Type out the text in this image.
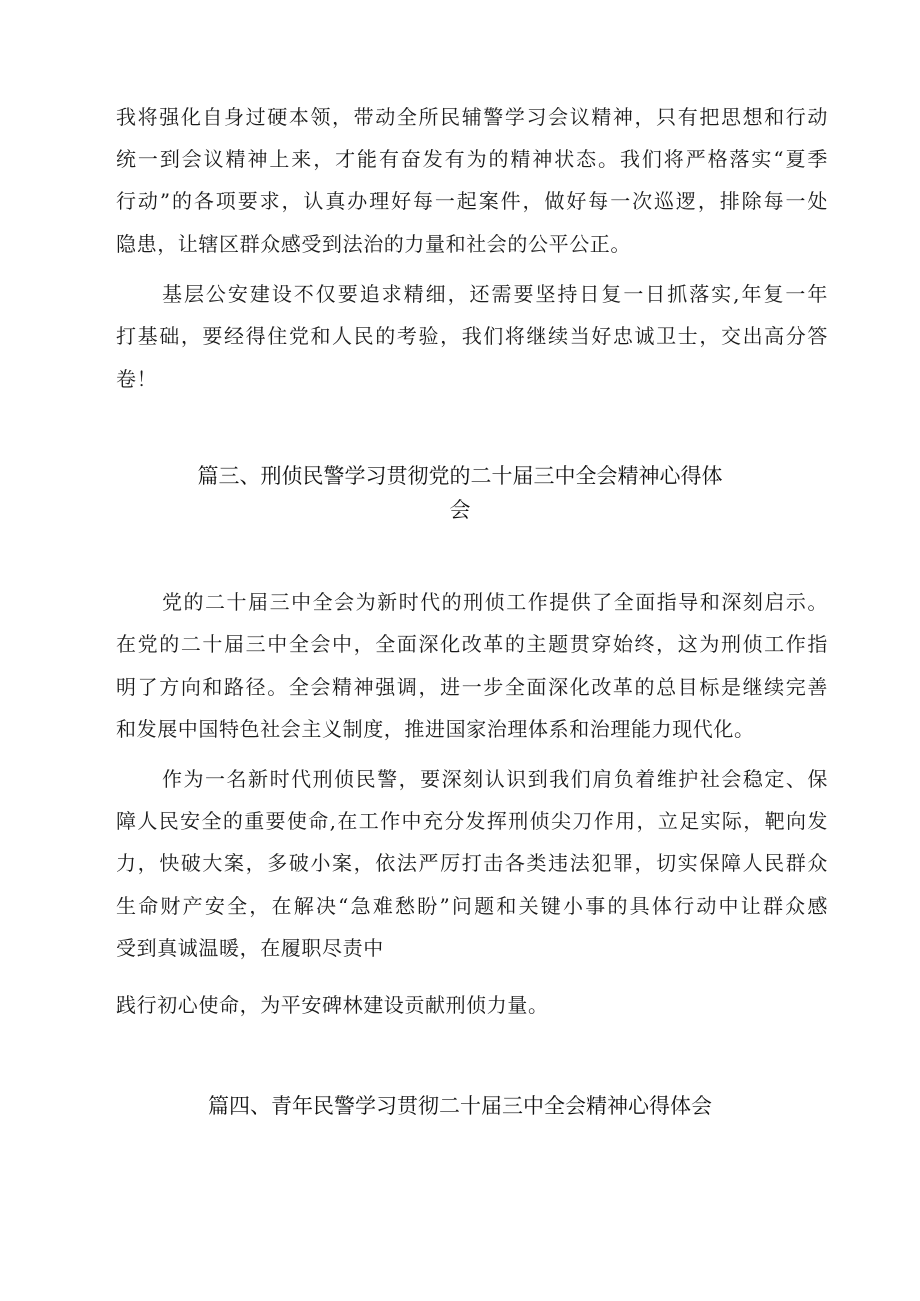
我将强化自身过硬本领，带动全所民辅警学习会议精神，只有把思想和行动
统一到会议精神上来，才能有奋发有为的精神状态。我们将严格落实“夏季
行动”的各项要求，认真办理好每一起案件，做好每一次巡逻，排除每一处
隐患，让辖区群众感受到法治的力量和社会的公平公正。
基层公安建设不仅要追求精细，还需要坚持日复一日抓落实,年复一年
打基础，要经得住党和人民的考验，我们将继续当好忠诚卫士，交出高分答
卷！
篇三、刑侦民警学习贯彻党的二十届三中全会精神心得体
会
党的二十届三中全会为新时代的刑侦工作提供了全面指导和深刻启示。
在党的二十届三中全会中，全面深化改革的主题贯穿始终，这为刑侦工作指
明了方向和路径。全会精神强调，进一步全面深化改革的总目标是继续完善
和发展中国特色社会主义制度，推进国家治理体系和治理能力现代化。
作为一名新时代刑侦民警，要深刻认识到我们肩负着维护社会稳定、保
障人民安全的重要使命,在工作中充分发挥刑侦尖刀作用，立足实际，靶向发
力，快破大案，多破小案，依法严厉打击各类违法犯罪，切实保障人民群众
生命财产安全，在解决“急难愁盼”问题和关键小事的具体行动中让群众感
受到真诚温暖，在履职尽责中
践行初心使命，为平安碑林建设贡献刑侦力量。
篇四、青年民警学习贯彻二十届三中全会精神心得体会
